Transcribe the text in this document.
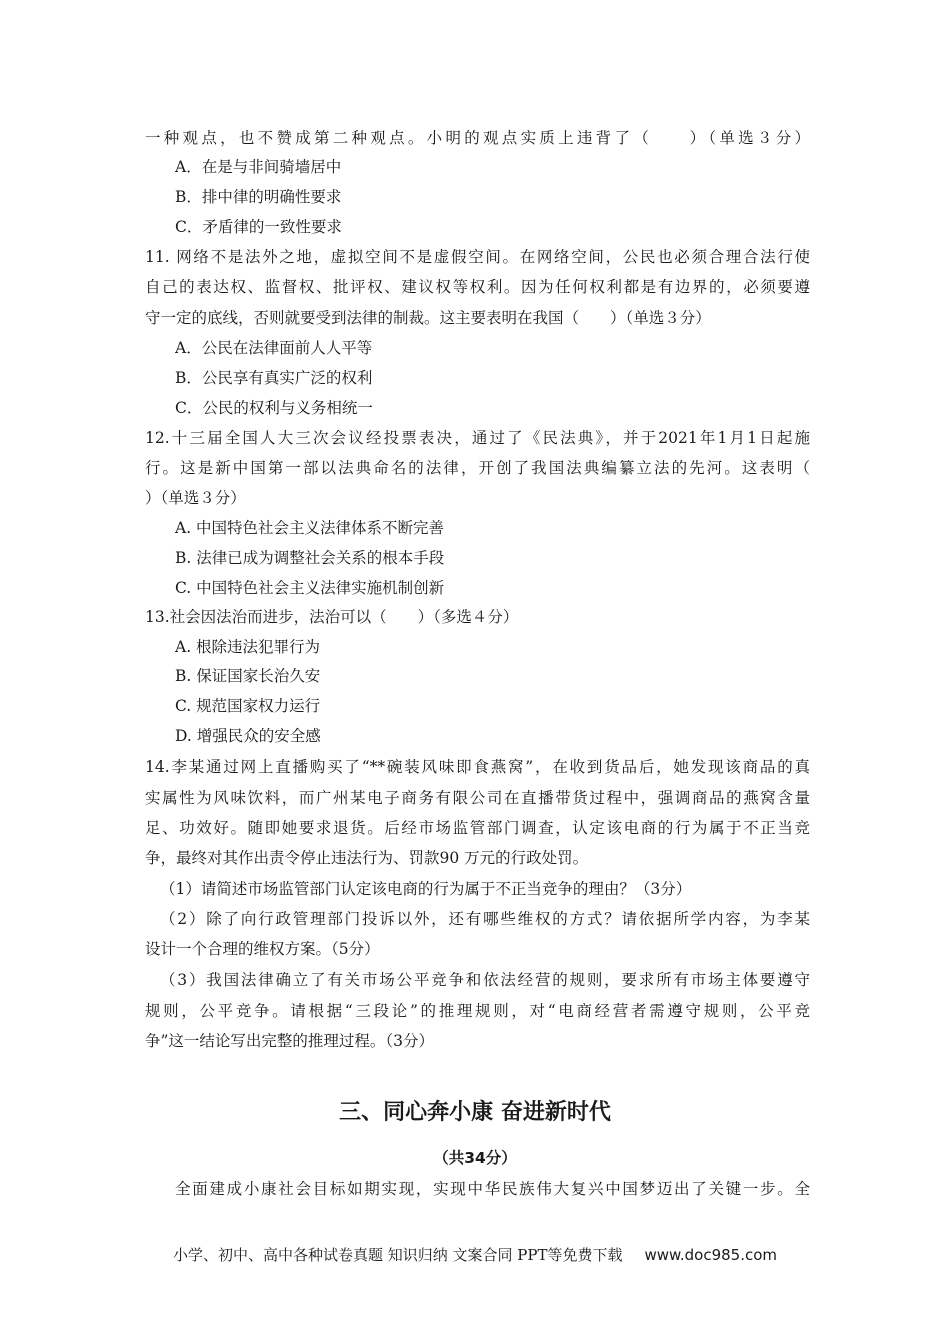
一种观点，也不赞成第二种观点。小明的观点实质上违背了（　　）（单选３分）
A．在是与非间骑墙居中
B．排中律的明确性要求
C．矛盾律的一致性要求
11. 网络不是法外之地，虚拟空间不是虚假空间。在网络空间，公民也必须合理合法行使
自己的表达权、监督权、批评权、建议权等权利。因为任何权利都是有边界的，必须要遵
守一定的底线，否则就要受到法律的制裁。这主要表明在我国（　　）（单选３分）
A．公民在法律面前人人平等
B．公民享有真实广泛的权利
C．公民的权利与义务相统一
12.十三届全国人大三次会议经投票表决，通过了《民法典》，并于2021年1月1日起施
行。这是新中国第一部以法典命名的法律，开创了我国法典编纂立法的先河。这表明（
）（单选３分）
A. 中国特色社会主义法律体系不断完善
B. 法律已成为调整社会关系的根本手段
C. 中国特色社会主义法律实施机制创新
13.社会因法治而进步，法治可以（　　）（多选４分）
A. 根除违法犯罪行为
B. 保证国家长治久安
C. 规范国家权力运行
D. 增强民众的安全感
14.李某通过网上直播购买了“**碗装风味即食燕窝”，在收到货品后，她发现该商品的真
实属性为风味饮料，而广州某电子商务有限公司在直播带货过程中，强调商品的燕窝含量
足、功效好。随即她要求退货。后经市场监管部门调查，认定该电商的行为属于不正当竞
争，最终对其作出责令停止违法行为、罚款90 万元的行政处罚。
（1）请简述市场监管部门认定该电商的行为属于不正当竞争的理由？（3分）
（2）除了向行政管理部门投诉以外，还有哪些维权的方式？请依据所学内容，为李某
设计一个合理的维权方案。（5分）
（3）我国法律确立了有关市场公平竞争和依法经营的规则，要求所有市场主体要遵守
规则，公平竞争。请根据“三段论”的推理规则，对“电商经营者需遵守规则，公平竞
争”这一结论写出完整的推理过程。（3分）
三、同心奔小康 奋进新时代
（共34分）
全面建成小康社会目标如期实现，实现中华民族伟大复兴中国梦迈出了关键一步。全
小学、初中、高中各种试卷真题 知识归纳 文案合同 PPT等免费下载 www.doc985.com
